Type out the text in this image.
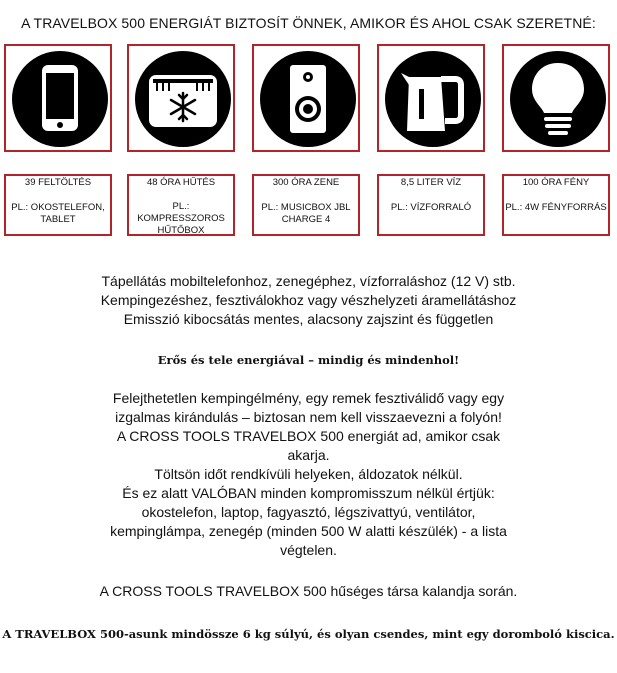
A TRAVELBOX 500 ENERGIÁT BIZTOSÍT ÖNNEK, AMIKOR ÉS AHOL CSAK SZERETNÉ:
39 FELTÖLTÉS
PL.: OKOSTELEFON, TABLET
48 ÓRA HŰTÉS
PL.: KOMPRESSZOROS HŰTŐBOX
300 ÓRA ZENE
PL.: MUSICBOX JBL CHARGE 4
8,5 LITER VÍZ
PL.: VÍZFORRALÓ
100 ÓRA FÉNY
PL.: 4W FÉNYFORRÁS

Tápellátás mobiltelefonhoz, zenegéphez, vízforraláshoz (12 V) stb.

Kempingezéshez, fesztiválokhoz vagy vészhelyzeti áramellátáshoz

Emisszió kibocsátás mentes, alacsony zajszint és független

Erős és tele energiával – mindig és mindenhol!

Felejthetetlen kempingélmény, egy remek fesztiválidő vagy egy

izgalmas kirándulás – biztosan nem kell visszaevezni a folyón!

A CROSS TOOLS TRAVELBOX 500 energiát ad, amikor csak

akarja.

Töltsön időt rendkívüli helyeken, áldozatok nélkül.

És ez alatt VALÓBAN minden kompromisszum nélkül értjük:

okostelefon, laptop, fagyasztó, légszivattyú, ventilátor,

kempinglámpa, zenegép (minden 500 W alatti készülék) - a lista

végtelen.

A CROSS TOOLS TRAVELBOX 500 hűséges társa kalandja során.
A TRAVELBOX 500-asunk mindössze 6 kg súlyú, és olyan csendes, mint egy doromboló kiscica.
